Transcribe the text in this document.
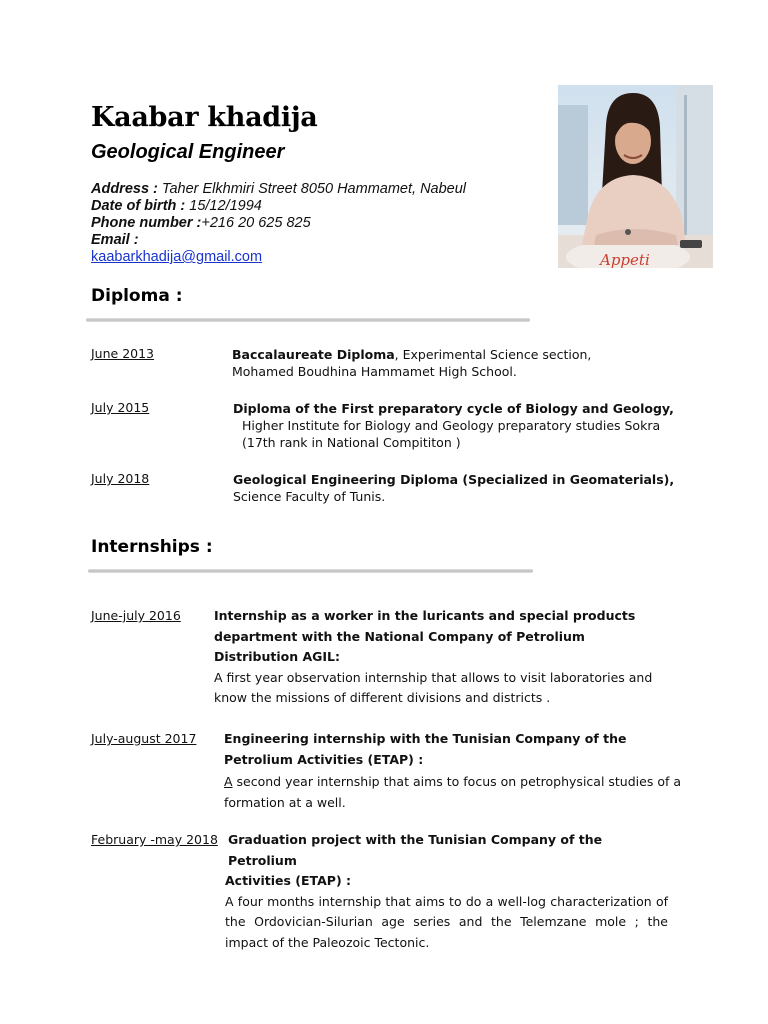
Kaabar khadija
Geological Engineer
Address : Taher Elkhmiri Street 8050 Hammamet, Nabeul
Date of birth : 15/12/1994
Phone number :+216 20 625 825
Email :
kaabarkhadija@gmail.com	Appeti
Diploma :
June 2013	Baccalaureate Diploma, Experimental Science section,
Mohamed Boudhina Hammamet High School.
July 2015	Diploma of the First preparatory cycle of Biology and Geology,
Higher Institute for Biology and Geology preparatory studies Sokra
(17th rank in National Compititon )
July 2018	Geological Engineering Diploma (Specialized in Geomaterials),
Science Faculty of Tunis.
Internships :
June-july 2016	Internship as a worker in the luricants and special products
department with the National Company of Petrolium
Distribution AGIL:
A first year observation internship that allows to visit laboratories and
know the missions of different divisions and districts .
July-august 2017 Engineering internship with the Tunisian Company of the
Petrolium Activities (ETAP) :
A second year internship that aims to focus on petrophysical studies of a
formation at a well.
February -may 2018 Graduation project with the Tunisian Company of the Petrolium
Activities (ETAP) :
A four months internship that aims to do a well-log characterization of the Ordovician-Silurian age series and the Telemzane mole ; the impact of the Paleozoic Tectonic.
